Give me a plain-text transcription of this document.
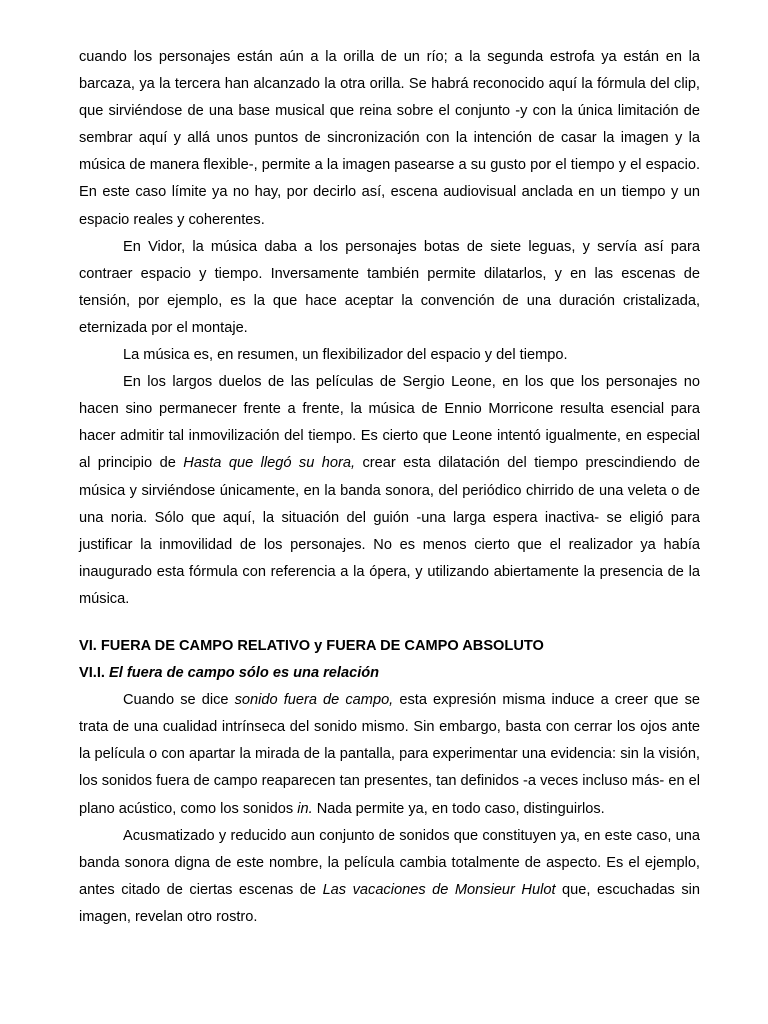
cuando los personajes están aún a la orilla de un río; a la segunda estrofa ya están en la barcaza, ya la tercera han alcanzado la otra orilla. Se habrá reconocido aquí la fórmula del clip, que sirviéndose de una base musical que reina sobre el conjunto -y con la única limitación de sembrar aquí y allá unos puntos de sincronización con la intención de casar la imagen y la música de manera flexible-, permite a la imagen pasearse a su gusto por el tiempo y el espacio. En este caso límite ya no hay, por decirlo así, escena audiovisual anclada en un tiempo y un espacio reales y coherentes.

En Vidor, la música daba a los personajes botas de siete leguas, y servía así para contraer espacio y tiempo. Inversamente también permite dilatarlos, y en las escenas de tensión, por ejemplo, es la que hace aceptar la convención de una duración cristalizada, eternizada por el montaje.

La música es, en resumen, un flexibilizador del espacio y del tiempo.

En los largos duelos de las películas de Sergio Leone, en los que los personajes no hacen sino permanecer frente a frente, la música de Ennio Morricone resulta esencial para hacer admitir tal inmovilización del tiempo. Es cierto que Leone intentó igualmente, en especial al principio de Hasta que llegó su hora, crear esta dilatación del tiempo prescindiendo de música y sirviéndose únicamente, en la banda sonora, del periódico chirrido de una veleta o de una noria. Sólo que aquí, la situación del guión -una larga espera inactiva- se eligió para justificar la inmovilidad de los personajes. No es menos cierto que el realizador ya había inaugurado esta fórmula con referencia a la ópera, y utilizando abiertamente la presencia de la música.

VI. FUERA DE CAMPO RELATIVO y FUERA DE CAMPO ABSOLUTO
VI.I. El fuera de campo sólo es una relación

Cuando se dice sonido fuera de campo, esta expresión misma induce a creer que se trata de una cualidad intrínseca del sonido mismo. Sin embargo, basta con cerrar los ojos ante la película o con apartar la mirada de la pantalla, para experimentar una evidencia: sin la visión, los sonidos fuera de campo reaparecen tan presentes, tan definidos -a veces incluso más- en el plano acústico, como los sonidos in. Nada permite ya, en todo caso, distinguirlos.

Acusmatizado y reducido aun conjunto de sonidos que constituyen ya, en este caso, una banda sonora digna de este nombre, la película cambia totalmente de aspecto. Es el ejemplo, antes citado de ciertas escenas de Las vacaciones de Monsieur Hulot que, escuchadas sin imagen, revelan otro rostro.
